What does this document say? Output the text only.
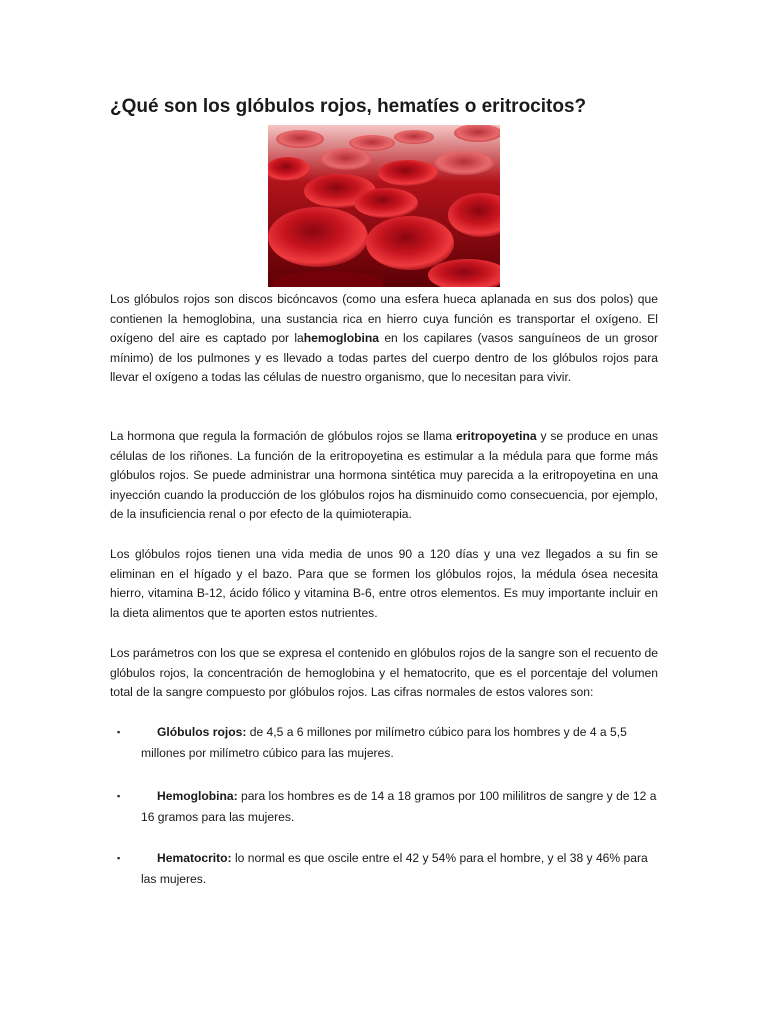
¿Qué son los glóbulos rojos, hematíes o eritrocitos?

Los glóbulos rojos son discos bicóncavos (como una esfera hueca aplanada en sus dos polos) que contienen la hemoglobina, una sustancia rica en hierro cuya función es transportar el oxígeno. El oxígeno del aire es captado por lahemoglobina en los capilares (vasos sanguíneos de un grosor mínimo) de los pulmones y es llevado a todas partes del cuerpo dentro de los glóbulos rojos para llevar el oxígeno a todas las células de nuestro organismo, que lo necesitan para vivir.

La hormona que regula la formación de glóbulos rojos se llama eritropoyetina y se produce en unas células de los riñones. La función de la eritropoyetina es estimular a la médula para que forme más glóbulos rojos. Se puede administrar una hormona sintética muy parecida a la eritropoyetina en una inyección cuando la producción de los glóbulos rojos ha disminuido como consecuencia, por ejemplo, de la insuficiencia renal o por efecto de la quimioterapia.

Los glóbulos rojos tienen una vida media de unos 90 a 120 días y una vez llegados a su fin se eliminan en el hígado y el bazo. Para que se formen los glóbulos rojos, la médula ósea necesita hierro, vitamina B-12, ácido fólico y vitamina B-6, entre otros elementos. Es muy importante incluir en la dieta alimentos que te aporten estos nutrientes.

Los parámetros con los que se expresa el contenido en glóbulos rojos de la sangre son el recuento de glóbulos rojos, la concentración de hemoglobina y el hematocrito, que es el porcentaje del volumen total de la sangre compuesto por glóbulos rojos. Las cifras normales de estos valores son:

▪	Glóbulos rojos: de 4,5 a 6 millones por milímetro cúbico para los hombres y de 4 a 5,5 millones por milímetro cúbico para las mujeres.
▪	Hemoglobina: para los hombres es de 14 a 18 gramos por 100 mililitros de sangre y de 12 a 16 gramos para las mujeres.
▪	Hematocrito: lo normal es que oscile entre el 42 y 54% para el hombre, y el 38 y 46% para las mujeres.
